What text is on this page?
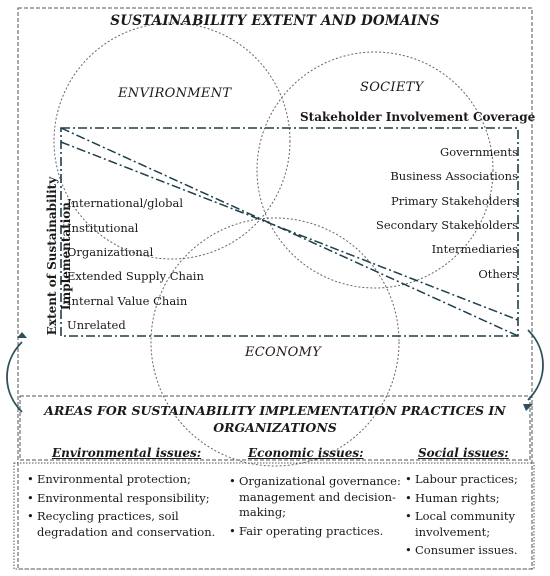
SUSTAINABILITY EXTENT AND DOMAINS
ENVIRONMENT	SOCIETY
ECONOMY
Stakeholder Involvement Coverage
Governments
Business Associations
Primary Stakeholders
Secondary Stakeholders
Intermediaries
Others
Extent of Sustainability Implementation
International/global
Institutional
Organizational
Extended Supply Chain
Internal Value Chain
Unrelated
AREAS FOR SUSTAINABILITY IMPLEMENTATION PRACTICES IN
ORGANIZATIONS
Environmental issues:	Economic issues:	Social issues:
• Environmental protection;
• Environmental responsibility;
• Recycling practices, soil degradation and conservation.
• Organizational governance: management and decision-making;
• Fair operating practices.
• Labour practices;
• Human rights;
• Local community involvement;
• Consumer issues.
